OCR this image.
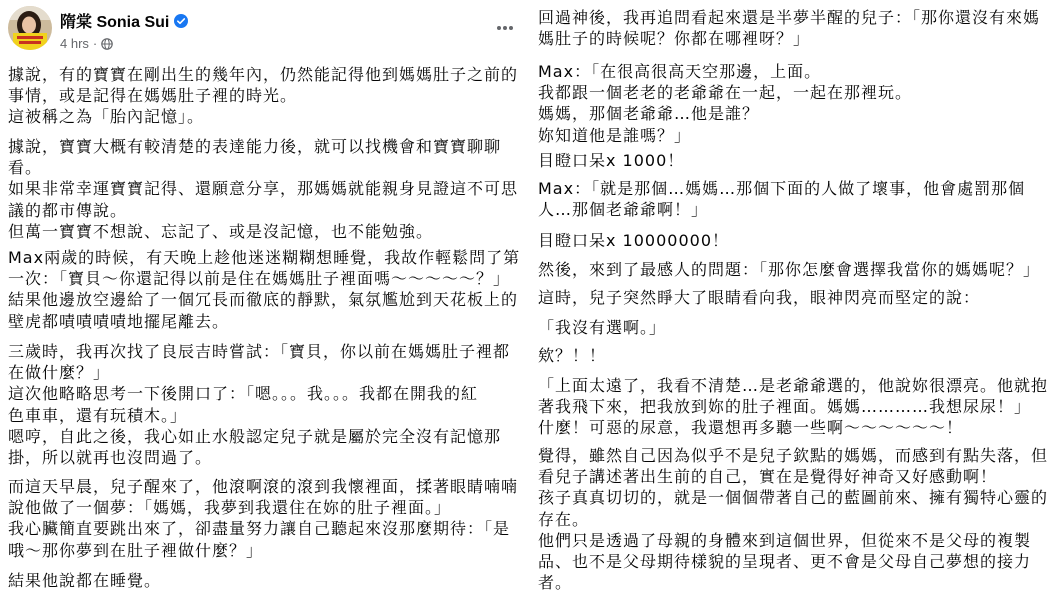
隋棠 Sonia Sui
4 hrs ·
據說，有的寶寶在剛出生的幾年內，仍然能記得他到媽媽肚子之前的
事情，或是記得在媽媽肚子裡的時光。
這被稱之為「胎內記憶」。
據說，寶寶大概有較清楚的表達能力後，就可以找機會和寶寶聊聊
看。
如果非常幸運寶寶記得、還願意分享，那媽媽就能親身見證這不可思
議的都市傳說。
但萬一寶寶不想說、忘記了、或是沒記憶，也不能勉強。
Max兩歲的時候，有天晚上趁他迷迷糊糊想睡覺，我故作輕鬆問了第
一次：「寶貝～你還記得以前是住在媽媽肚子裡面嗎～～～～～？」
結果他邊放空邊給了一個冗長而徹底的靜默，氣氛尷尬到天花板上的
壁虎都嘖嘖嘖嘖地擺尾離去。
三歲時，我再次找了良辰吉時嘗試：「寶貝，你以前在媽媽肚子裡都
在做什麼？」
這次他略略思考一下後開口了：「嗯。。。我。。。我都在開我的紅
色車車，還有玩積木。」
嗯哼，自此之後，我心如止水般認定兒子就是屬於完全沒有記憶那
掛，所以就再也沒問過了。
而這天早晨，兒子醒來了，他滾啊滾的滾到我懷裡面，揉著眼睛喃喃
說他做了一個夢：「媽媽，我夢到我還住在妳的肚子裡面。」
我心臟簡直要跳出來了，卻盡量努力讓自己聽起來沒那麼期待：「是
哦～那你夢到在肚子裡做什麼？」
結果他說都在睡覺。
回過神後，我再追問看起來還是半夢半醒的兒子：「那你還沒有來媽
媽肚子的時候呢？你都在哪裡呀？」
Max：「在很高很高天空那邊，上面。
我都跟一個老老的老爺爺在一起，一起在那裡玩。
媽媽，那個老爺爺…他是誰？
妳知道他是誰嗎？」
目瞪口呆x 1000！
Max：「就是那個…媽媽…那個下面的人做了壞事，他會處罰那個
人…那個老爺爺啊！」
目瞪口呆x 10000000！
然後，來到了最感人的問題：「那你怎麼會選擇我當你的媽媽呢？」
這時，兒子突然睜大了眼睛看向我，眼神閃亮而堅定的說：
「我沒有選啊。」
欸？！！
「上面太遠了，我看不清楚…是老爺爺選的，他說妳很漂亮。他就抱
著我飛下來，把我放到妳的肚子裡面。媽媽…………我想尿尿！」
什麼！可惡的尿意，我還想再多聽一些啊～～～～～～！
覺得，雖然自己因為似乎不是兒子欽點的媽媽，而感到有點失落，但
看兒子講述著出生前的自己，實在是覺得好神奇又好感動啊！
孩子真真切切的，就是一個個帶著自己的藍圖前來、擁有獨特心靈的
存在。
他們只是透過了母親的身體來到這個世界，但從來不是父母的複製
品、也不是父母期待樣貌的呈現者、更不會是父母自己夢想的接力
者。
